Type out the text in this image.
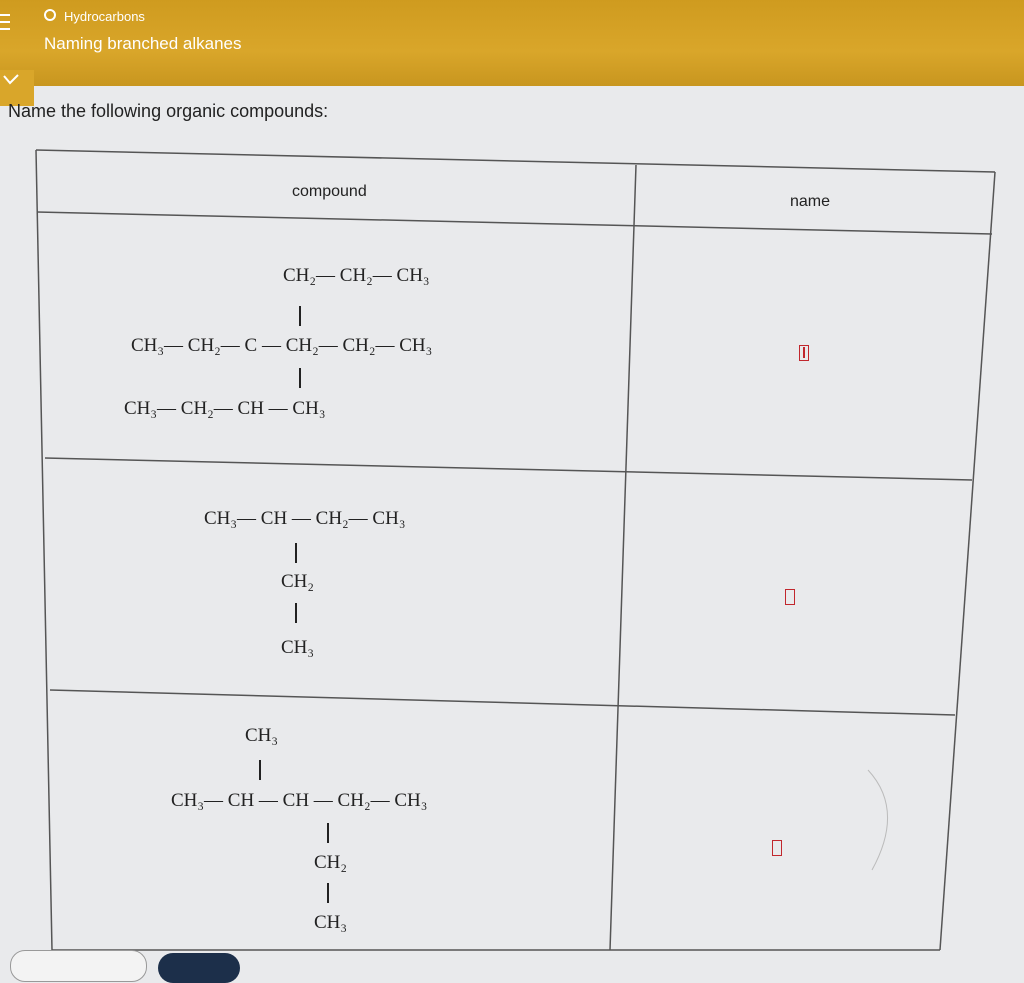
Hydrocarbons
Naming branched alkanes
Name the following organic compounds:
compound
name
CH₂— CH₂— CH₃
CH₃— CH₂— C — CH₂— CH₂— CH₃
CH₃— CH₂— CH — CH₃
CH₃— CH — CH₂— CH₃
CH₂
CH₃
CH₃
CH₃— CH — CH — CH₂— CH₃
CH₂
CH₃
